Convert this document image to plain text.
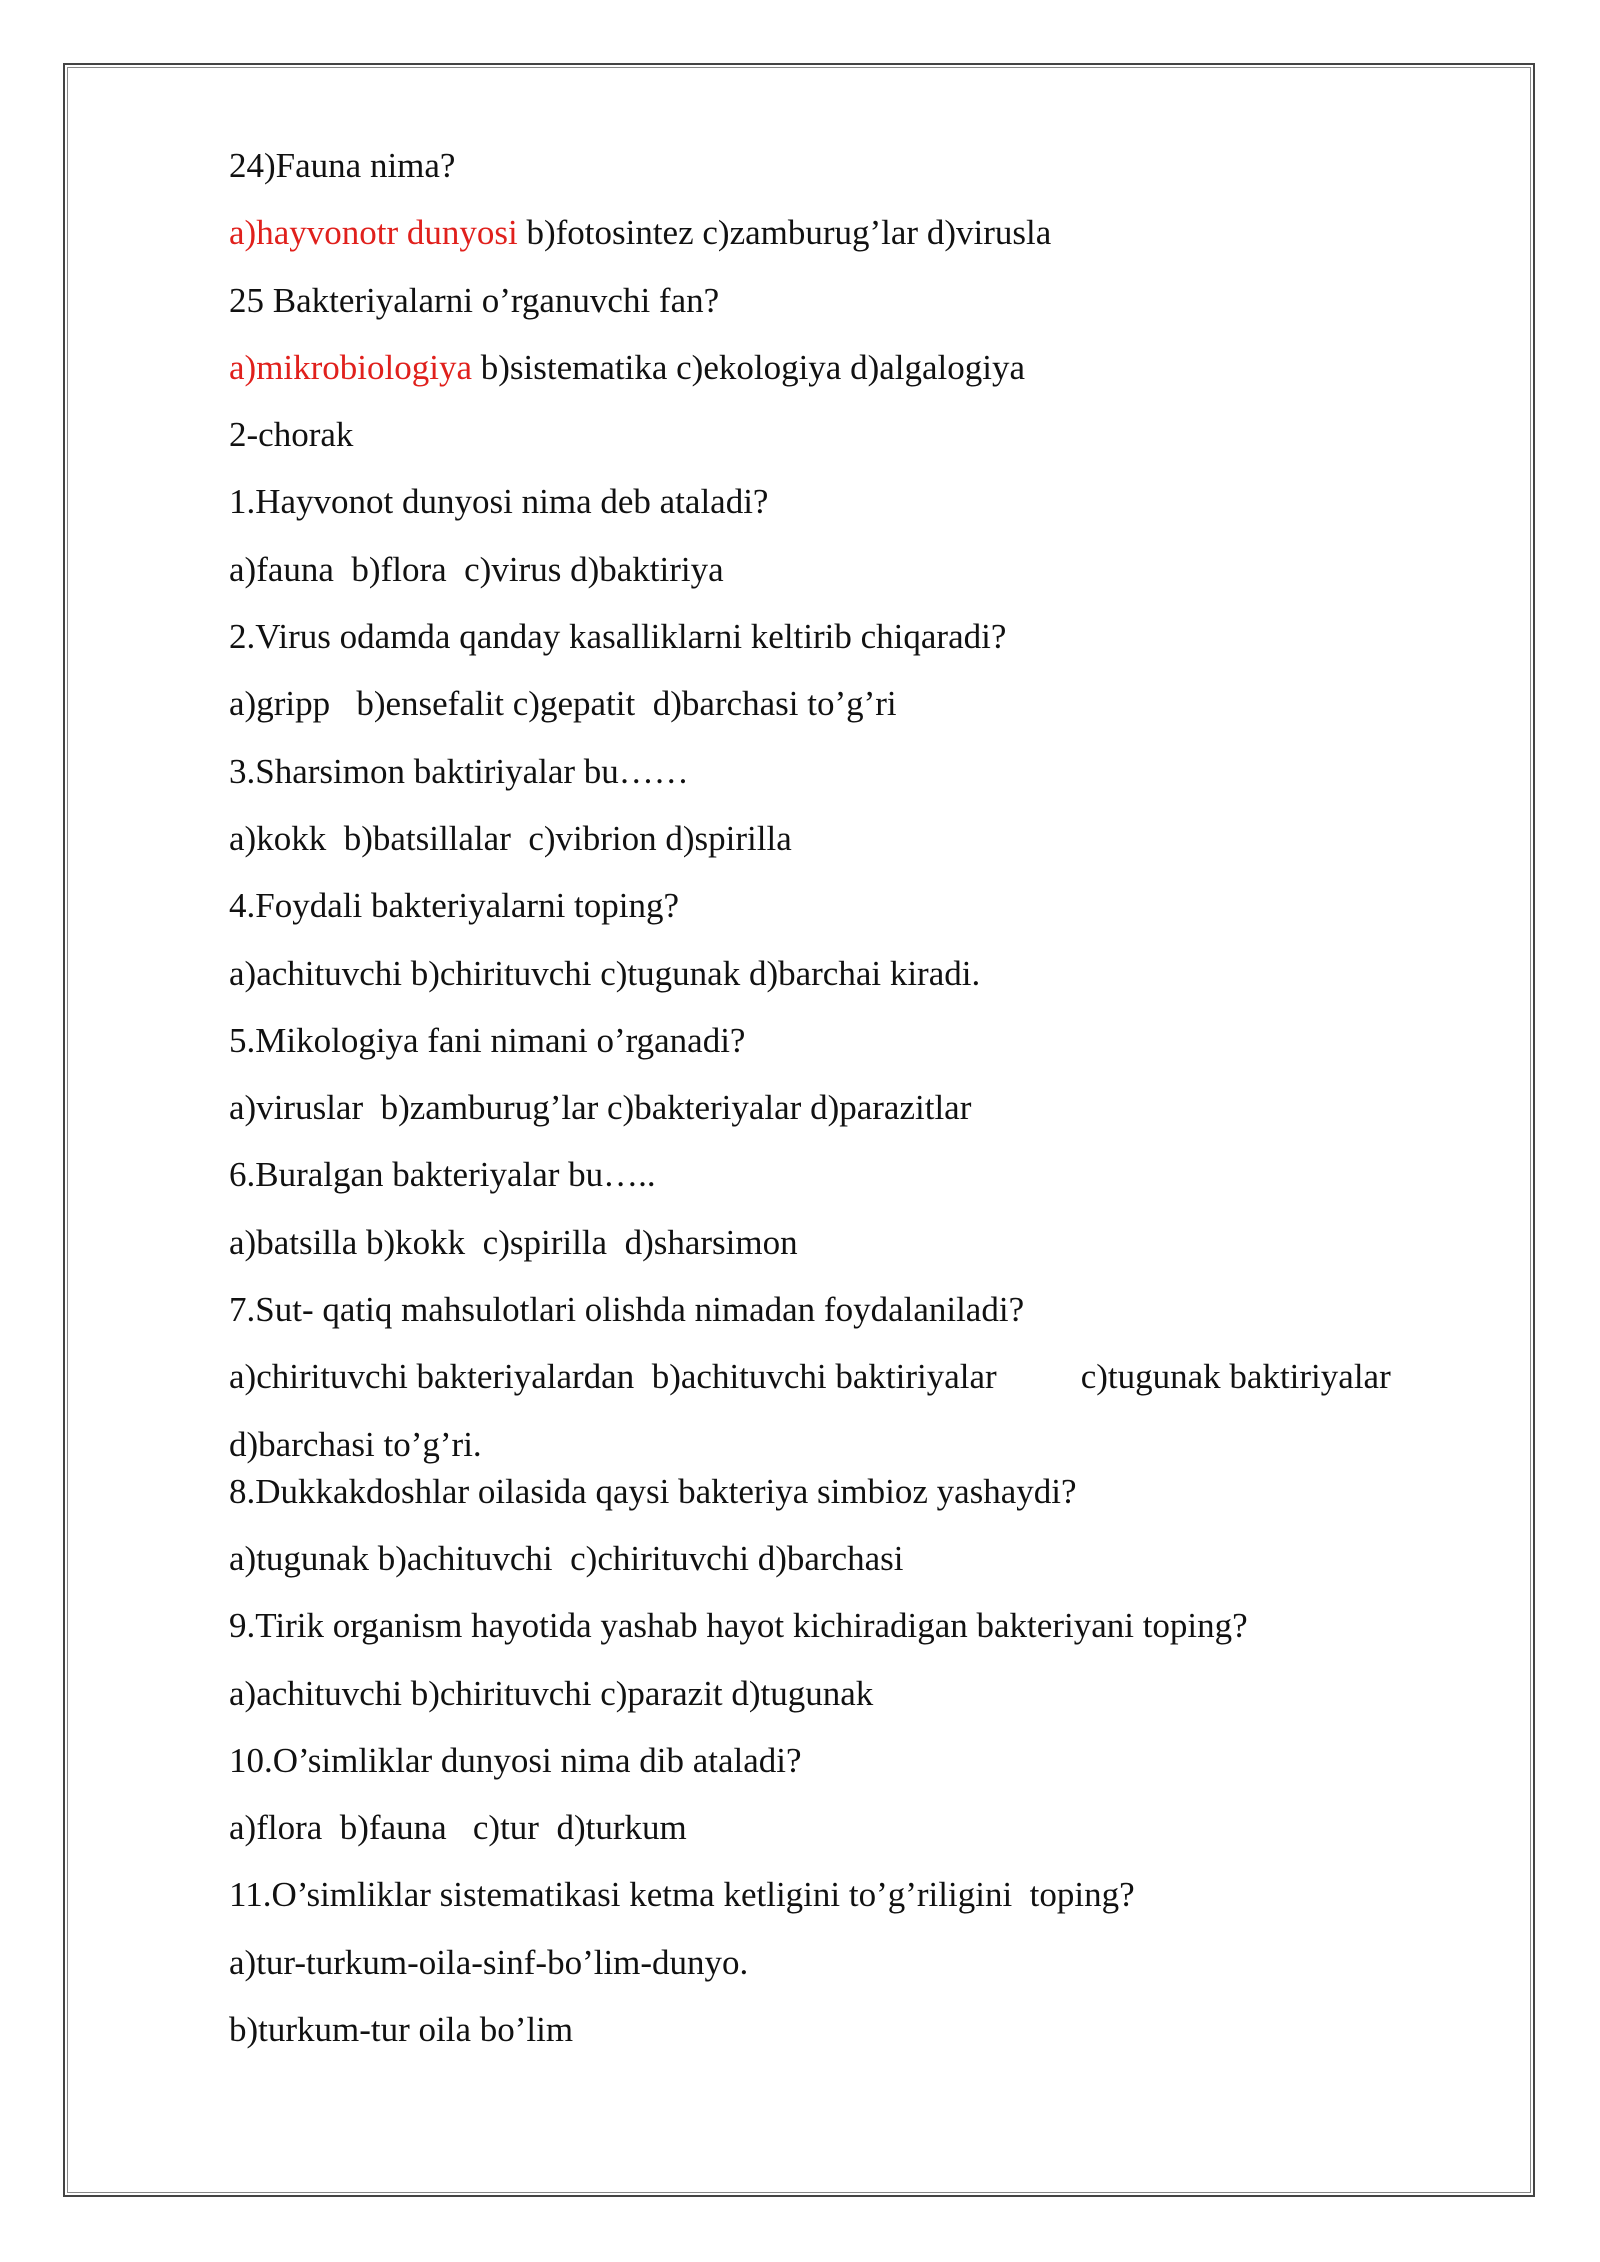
24)Fauna nima?
a)hayvonotr dunyosi b)fotosintez c)zamburug’lar d)virusla
25 Bakteriyalarni o’rganuvchi fan?
a)mikrobiologiya b)sistematika c)ekologiya d)algalogiya
2-chorak
1.Hayvonot dunyosi nima deb ataladi?
a)fauna  b)flora  c)virus d)baktiriya
2.Virus odamda qanday kasalliklarni keltirib chiqaradi?
a)gripp   b)ensefalit c)gepatit  d)barchasi to’g’ri
3.Sharsimon baktiriyalar bu……
a)kokk  b)batsillalar  c)vibrion d)spirilla
4.Foydali bakteriyalarni toping?
a)achituvchi b)chirituvchi c)tugunak d)barchai kiradi.
5.Mikologiya fani nimani o’rganadi?
a)viruslar  b)zamburug’lar c)bakteriyalar d)parazitlar
6.Buralgan bakteriyalar bu…..
a)batsilla b)kokk  c)spirilla  d)sharsimon
7.Sut- qatiq mahsulotlari olishda nimadan foydalaniladi?
a)chirituvchi bakteriyalardan  b)achituvchi baktiriyalar c)tugunak baktiriyalar
d)barchasi to’g’ri.
8.Dukkakdoshlar oilasida qaysi bakteriya simbioz yashaydi?
a)tugunak b)achituvchi  c)chirituvchi d)barchasi
9.Tirik organism hayotida yashab hayot kichiradigan bakteriyani toping?
a)achituvchi b)chirituvchi c)parazit d)tugunak
10.O’simliklar dunyosi nima dib ataladi?
a)flora  b)fauna   c)tur  d)turkum
11.O’simliklar sistematikasi ketma ketligini to’g’riligini  toping?
a)tur-turkum-oila-sinf-bo’lim-dunyo.
b)turkum-tur oila bo’lim
